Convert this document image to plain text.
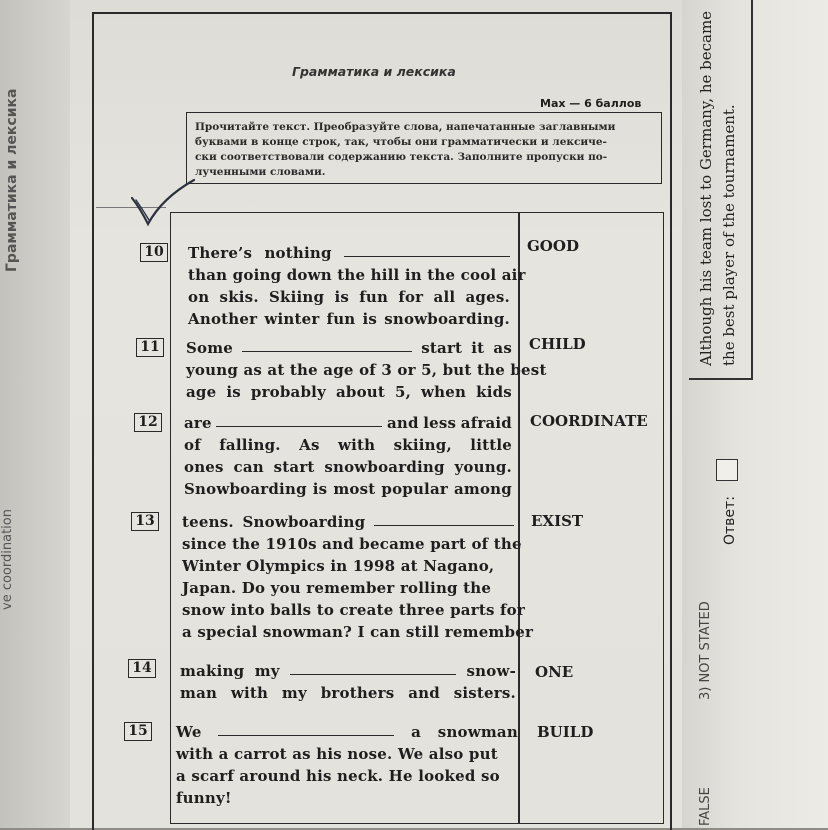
Грамматика и лексика
ve coordination
Although his team lost to Germany, he became the best player of the tournament.
Ответ:
3) NOT STATED
FALSE
Грамматика и лексика
Max — 6 баллов
Прочитайте текст. Преобразуйте слова, напечатанные заглавными
буквами в конце строк, так, чтобы они грамматически и лексиче-
ски соответствовали содержанию текста. Заполните пропуски по-
лученными словами.
10 There’s nothing
than going down the hill in the cool air
on skis. Skiing is fun for all ages.
Another winter fun is snowboarding.
GOOD
11 Some	start it as
young as at the age of 3 or 5, but the best
age is probably about 5, when kids
CHILD
12 are	and less afraid
of falling. As with skiing, little
ones can start snowboarding young.
Snowboarding is most popular among
COORDINATE
13 teens. Snowboarding
since the 1910s and became part of the
Winter Olympics in 1998 at Nagano,
Japan. Do you remember rolling the
snow into balls to create three parts for
a special snowman? I can still remember
EXIST
14 making my	snow-
man with my brothers and sisters.
ONE
15 We	a snowman
with a carrot as his nose. We also put
a scarf around his neck. He looked so
funny!
BUILD
